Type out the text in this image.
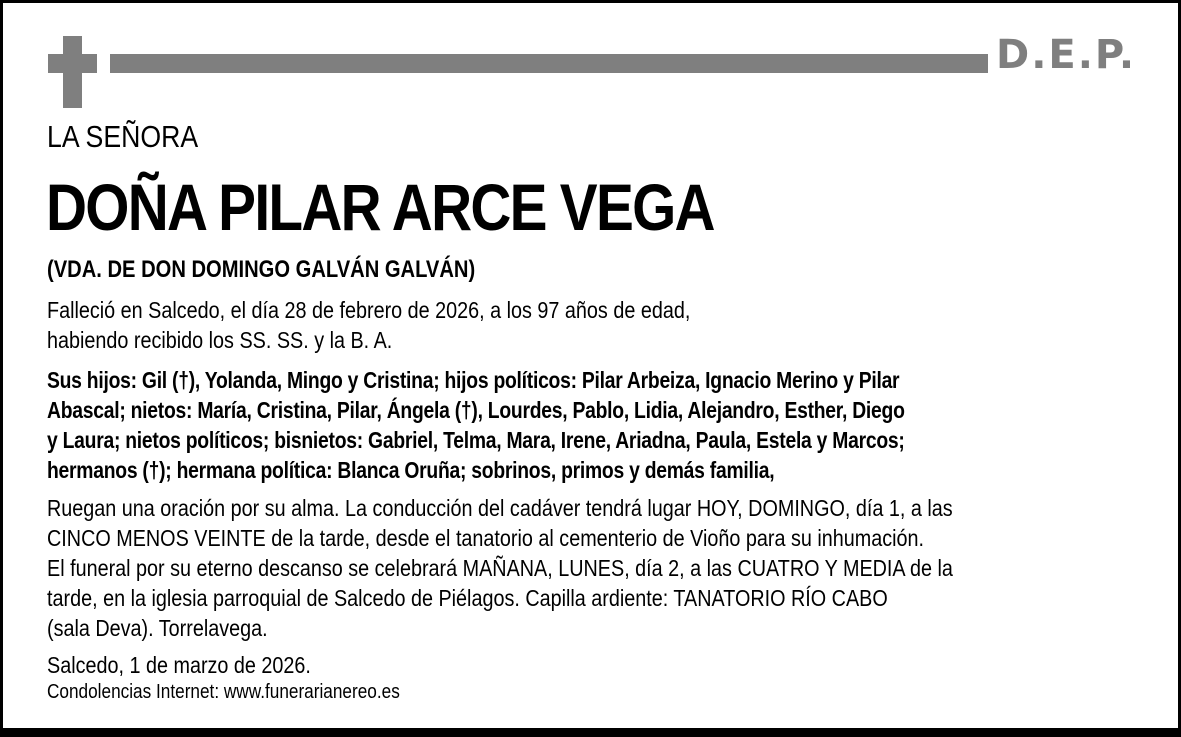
D.E.P.
LA SEÑORA
DOÑA PILAR ARCE VEGA
(VDA. DE DON DOMINGO GALVÁN GALVÁN)
Falleció en Salcedo, el día 28 de febrero de 2026, a los 97 años de edad,
habiendo recibido los SS. SS. y la B. A.
Sus hijos: Gil (†), Yolanda, Mingo y Cristina; hijos políticos: Pilar Arbeiza, Ignacio Merino y Pilar
Abascal; nietos: María, Cristina, Pilar, Ángela (†), Lourdes, Pablo, Lidia, Alejandro, Esther, Diego
y Laura; nietos políticos; bisnietos: Gabriel, Telma, Mara, Irene, Ariadna, Paula, Estela y Marcos;
hermanos (†); hermana política: Blanca Oruña; sobrinos, primos y demás familia,
Ruegan una oración por su alma. La conducción del cadáver tendrá lugar HOY, DOMINGO, día 1, a las
CINCO MENOS VEINTE de la tarde, desde el tanatorio al cementerio de Vioño para su inhumación.
El funeral por su eterno descanso se celebrará MAÑANA, LUNES, día 2, a las CUATRO Y MEDIA de la
tarde, en la iglesia parroquial de Salcedo de Piélagos. Capilla ardiente: TANATORIO RÍO CABO
(sala Deva). Torrelavega.
Salcedo, 1 de marzo de 2026.
Condolencias Internet: www.funerarianereo.es
